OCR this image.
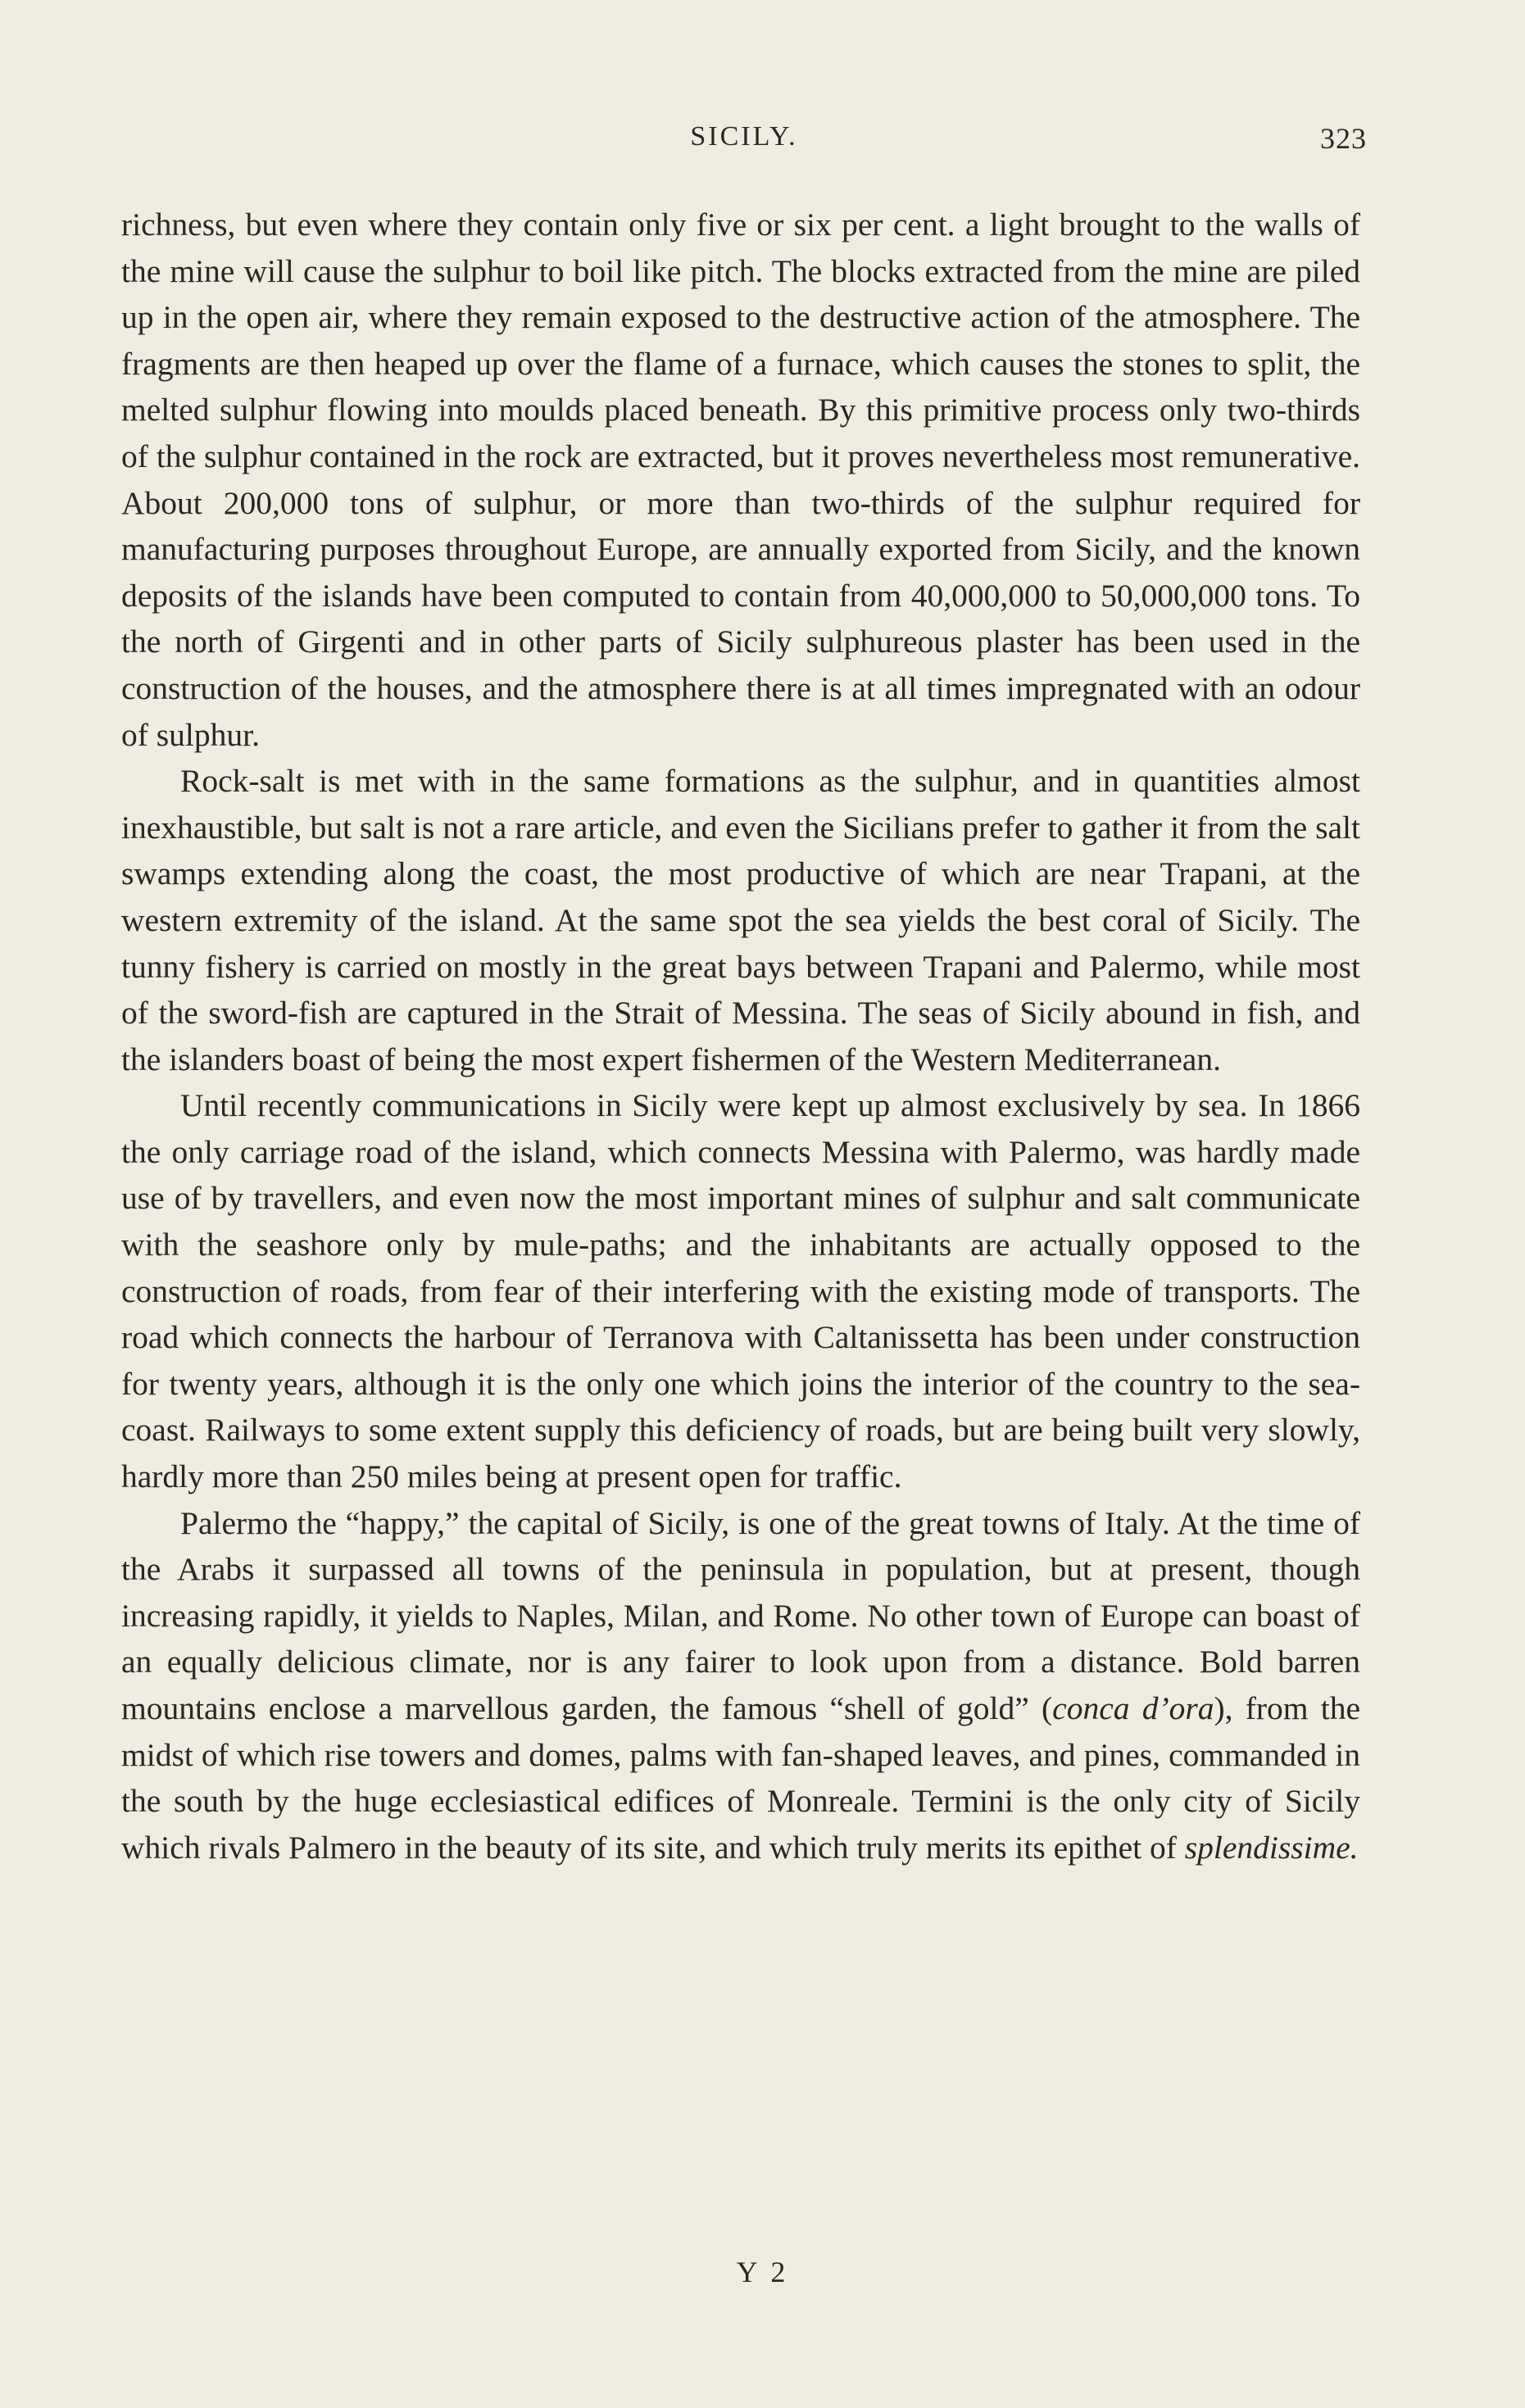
SICILY.	323

richness, but even where they contain only five or six per cent. a light brought to the walls of the mine will cause the sulphur to boil like pitch. The blocks extracted from the mine are piled up in the open air, where they remain exposed to the destructive action of the atmosphere. The fragments are then heaped up over the flame of a furnace, which causes the stones to split, the melted sulphur flowing into moulds placed beneath. By this primitive process only two-thirds of the sulphur contained in the rock are extracted, but it proves nevertheless most remunerative. About 200,000 tons of sulphur, or more than two-thirds of the sulphur required for manufacturing purposes throughout Europe, are annually exported from Sicily, and the known deposits of the islands have been computed to contain from 40,000,000 to 50,000,000 tons. To the north of Girgenti and in other parts of Sicily sulphureous plaster has been used in the construction of the houses, and the atmosphere there is at all times impregnated with an odour of sulphur.

Rock-salt is met with in the same formations as the sulphur, and in quantities almost inexhaustible, but salt is not a rare article, and even the Sicilians prefer to gather it from the salt swamps extending along the coast, the most productive of which are near Trapani, at the western extremity of the island. At the same spot the sea yields the best coral of Sicily. The tunny fishery is carried on mostly in the great bays between Trapani and Palermo, while most of the sword-fish are captured in the Strait of Messina. The seas of Sicily abound in fish, and the islanders boast of being the most expert fishermen of the Western Mediterranean.

Until recently communications in Sicily were kept up almost exclusively by sea. In 1866 the only carriage road of the island, which connects Messina with Palermo, was hardly made use of by travellers, and even now the most important mines of sulphur and salt communicate with the seashore only by mule-paths; and the inhabitants are actually opposed to the construction of roads, from fear of their interfering with the existing mode of transports. The road which connects the harbour of Terranova with Caltanissetta has been under construction for twenty years, although it is the only one which joins the interior of the country to the sea-coast. Railways to some extent supply this deficiency of roads, but are being built very slowly, hardly more than 250 miles being at present open for traffic.

Palermo the “happy,” the capital of Sicily, is one of the great towns of Italy. At the time of the Arabs it surpassed all towns of the peninsula in population, but at present, though increasing rapidly, it yields to Naples, Milan, and Rome. No other town of Europe can boast of an equally delicious climate, nor is any fairer to look upon from a distance. Bold barren mountains enclose a marvellous garden, the famous “shell of gold” (conca d’ora), from the midst of which rise towers and domes, palms with fan-shaped leaves, and pines, commanded in the south by the huge ecclesiastical edifices of Monreale. Termini is the only city of Sicily which rivals Palmero in the beauty of its site, and which truly merits its epithet of splendissime.

Y 2
